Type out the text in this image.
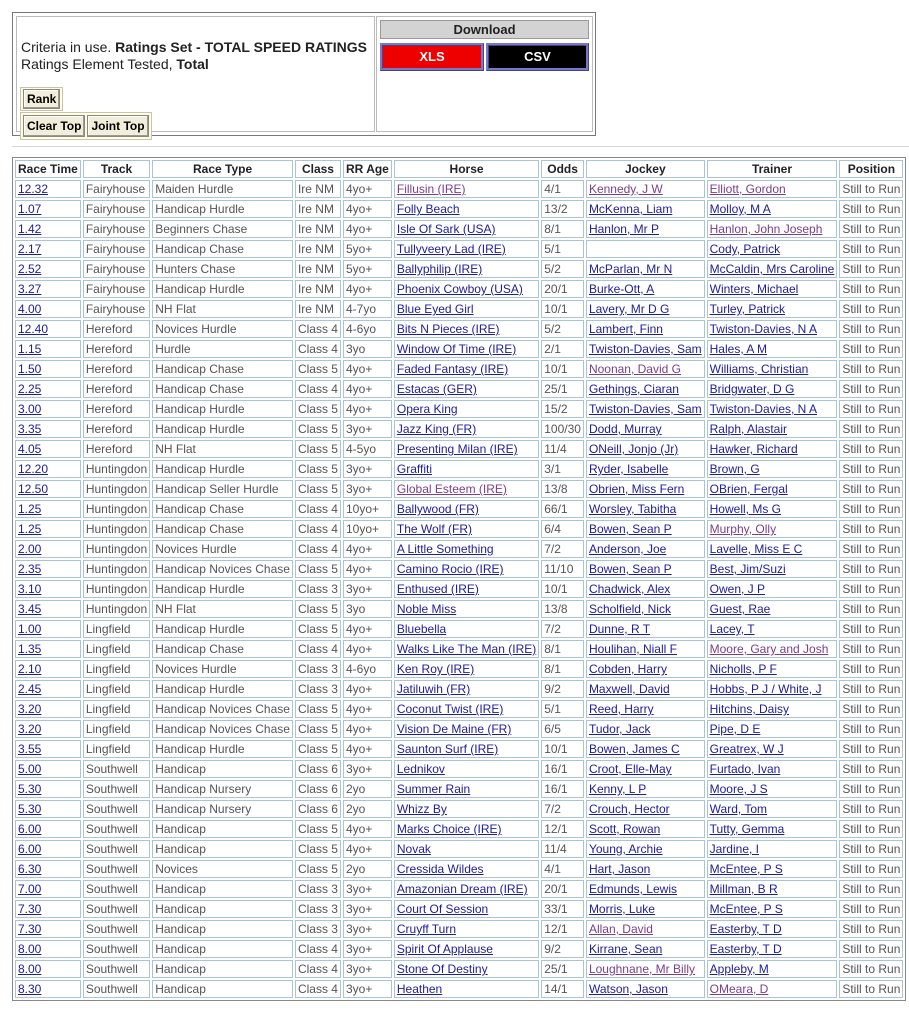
Criteria in use. Ratings Set - TOTAL SPEED RATINGS
Ratings Element Tested, Total
Rank
Clear Top Joint Top
Download
XLS	CSV
Race Time	Track	Race Type	Class	RR Age	Horse	Odds	Jockey	Trainer	Position
12.32	Fairyhouse	Maiden Hurdle	Ire NM	4yo+	Fillusin (IRE)	4/1	Kennedy, J W	Elliott, Gordon	Still to Run
1.07	Fairyhouse	Handicap Hurdle	Ire NM	4yo+	Folly Beach	13/2	McKenna, Liam	Molloy, M A	Still to Run
1.42	Fairyhouse	Beginners Chase	Ire NM	4yo+	Isle Of Sark (USA)	8/1	Hanlon, Mr P	Hanlon, John Joseph	Still to Run
2.17	Fairyhouse	Handicap Chase	Ire NM	5yo+	Tullyveery Lad (IRE)	5/1		Cody, Patrick	Still to Run
2.52	Fairyhouse	Hunters Chase	Ire NM	5yo+	Ballyphilip (IRE)	5/2	McParlan, Mr N	McCaldin, Mrs Caroline	Still to Run
3.27	Fairyhouse	Handicap Hurdle	Ire NM	4yo+	Phoenix Cowboy (USA)	20/1	Burke-Ott, A	Winters, Michael	Still to Run
4.00	Fairyhouse	NH Flat	Ire NM	4-7yo	Blue Eyed Girl	10/1	Lavery, Mr D G	Turley, Patrick	Still to Run
12.40	Hereford	Novices Hurdle	Class 4	4-6yo	Bits N Pieces (IRE)	5/2	Lambert, Finn	Twiston-Davies, N A	Still to Run
1.15	Hereford	Hurdle	Class 4	3yo	Window Of Time (IRE)	2/1	Twiston-Davies, Sam	Hales, A M	Still to Run
1.50	Hereford	Handicap Chase	Class 5	4yo+	Faded Fantasy (IRE)	10/1	Noonan, David G	Williams, Christian	Still to Run
2.25	Hereford	Handicap Chase	Class 4	4yo+	Estacas (GER)	25/1	Gethings, Ciaran	Bridgwater, D G	Still to Run
3.00	Hereford	Handicap Hurdle	Class 5	4yo+	Opera King	15/2	Twiston-Davies, Sam	Twiston-Davies, N A	Still to Run
3.35	Hereford	Handicap Hurdle	Class 5	3yo+	Jazz King (FR)	100/30	Dodd, Murray	Ralph, Alastair	Still to Run
4.05	Hereford	NH Flat	Class 5	4-5yo	Presenting Milan (IRE)	11/4	ONeill, Jonjo (Jr)	Hawker, Richard	Still to Run
12.20	Huntingdon	Handicap Hurdle	Class 5	3yo+	Graffiti	3/1	Ryder, Isabelle	Brown, G	Still to Run
12.50	Huntingdon	Handicap Seller Hurdle	Class 5	3yo+	Global Esteem (IRE)	13/8	Obrien, Miss Fern	OBrien, Fergal	Still to Run
1.25	Huntingdon	Handicap Chase	Class 4	10yo+	Ballywood (FR)	66/1	Worsley, Tabitha	Howell, Ms G	Still to Run
1.25	Huntingdon	Handicap Chase	Class 4	10yo+	The Wolf (FR)	6/4	Bowen, Sean P	Murphy, Olly	Still to Run
2.00	Huntingdon	Novices Hurdle	Class 4	4yo+	A Little Something	7/2	Anderson, Joe	Lavelle, Miss E C	Still to Run
2.35	Huntingdon	Handicap Novices Chase	Class 5	4yo+	Camino Rocio (IRE)	11/10	Bowen, Sean P	Best, Jim/Suzi	Still to Run
3.10	Huntingdon	Handicap Hurdle	Class 3	3yo+	Enthused (IRE)	10/1	Chadwick, Alex	Owen, J P	Still to Run
3.45	Huntingdon	NH Flat	Class 5	3yo	Noble Miss	13/8	Scholfield, Nick	Guest, Rae	Still to Run
1.00	Lingfield	Handicap Hurdle	Class 5	4yo+	Bluebella	7/2	Dunne, R T	Lacey, T	Still to Run
1.35	Lingfield	Handicap Chase	Class 4	4yo+	Walks Like The Man (IRE)	8/1	Houlihan, Niall F	Moore, Gary and Josh	Still to Run
2.10	Lingfield	Novices Hurdle	Class 3	4-6yo	Ken Roy (IRE)	8/1	Cobden, Harry	Nicholls, P F	Still to Run
2.45	Lingfield	Handicap Hurdle	Class 3	4yo+	Jatiluwih (FR)	9/2	Maxwell, David	Hobbs, P J / White, J	Still to Run
3.20	Lingfield	Handicap Novices Chase	Class 5	4yo+	Coconut Twist (IRE)	5/1	Reed, Harry	Hitchins, Daisy	Still to Run
3.20	Lingfield	Handicap Novices Chase	Class 5	4yo+	Vision De Maine (FR)	6/5	Tudor, Jack	Pipe, D E	Still to Run
3.55	Lingfield	Handicap Hurdle	Class 5	4yo+	Saunton Surf (IRE)	10/1	Bowen, James C	Greatrex, W J	Still to Run
5.00	Southwell	Handicap	Class 6	3yo+	Lednikov	16/1	Croot, Elle-May	Furtado, Ivan	Still to Run
5.30	Southwell	Handicap Nursery	Class 6	2yo	Summer Rain	16/1	Kenny, L P	Moore, J S	Still to Run
5.30	Southwell	Handicap Nursery	Class 6	2yo	Whizz By	7/2	Crouch, Hector	Ward, Tom	Still to Run
6.00	Southwell	Handicap	Class 5	4yo+	Marks Choice (IRE)	12/1	Scott, Rowan	Tutty, Gemma	Still to Run
6.00	Southwell	Handicap	Class 5	4yo+	Novak	11/4	Young, Archie	Jardine, I	Still to Run
6.30	Southwell	Novices	Class 5	2yo	Cressida Wildes	4/1	Hart, Jason	McEntee, P S	Still to Run
7.00	Southwell	Handicap	Class 3	3yo+	Amazonian Dream (IRE)	20/1	Edmunds, Lewis	Millman, B R	Still to Run
7.30	Southwell	Handicap	Class 3	3yo+	Court Of Session	33/1	Morris, Luke	McEntee, P S	Still to Run
7.30	Southwell	Handicap	Class 3	3yo+	Cruyff Turn	12/1	Allan, David	Easterby, T D	Still to Run
8.00	Southwell	Handicap	Class 4	3yo+	Spirit Of Applause	9/2	Kirrane, Sean	Easterby, T D	Still to Run
8.00	Southwell	Handicap	Class 4	3yo+	Stone Of Destiny	25/1	Loughnane, Mr Billy	Appleby, M	Still to Run
8.30	Southwell	Handicap	Class 4	3yo+	Heathen	14/1	Watson, Jason	OMeara, D	Still to Run
